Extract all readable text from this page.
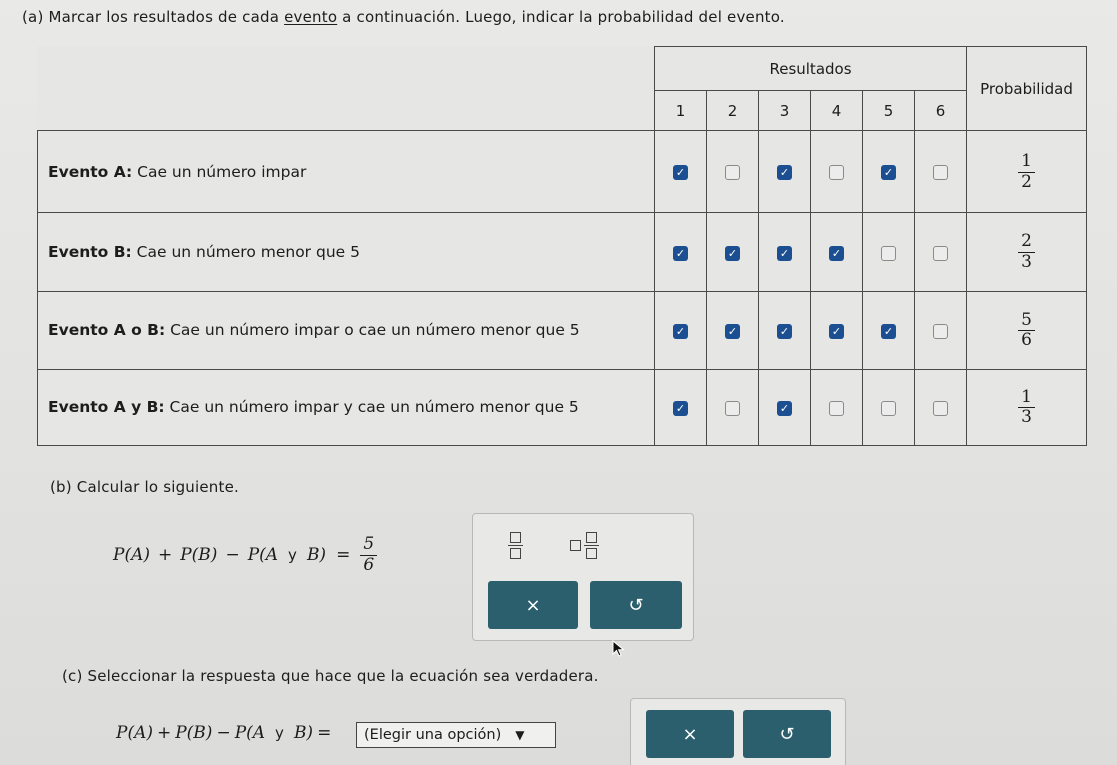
(a) Marcar los resultados de cada evento a continuación. Luego, indicar la probabilidad del evento.
	Resultados						Probabilidad
	1	2	3	4	5	6	
Evento A: Cae un número impar	✓		✓		✓		$\frac{1}{2}$

Evento B: Cae un número menor que 5	✓	✓	✓	✓			$\frac{2}{3}$

Evento A o B: Cae un número impar o cae un número menor que 5	✓	✓	✓	✓	✓		$\frac{5}{6}$

Evento A y B: Cae un número impar y cae un número menor que 5	✓		✓				$\frac{1}{3}$
(b) Calcular lo siguiente.
P(A) + P(B) − P(A y $B) = \frac{5}{6}$
×	↺
(c) Seleccionar la respuesta que hace que la ecuación sea verdadera.
P(A) + P(B) − P(A y B) = (Elegir una opción) ▼	×	↺
